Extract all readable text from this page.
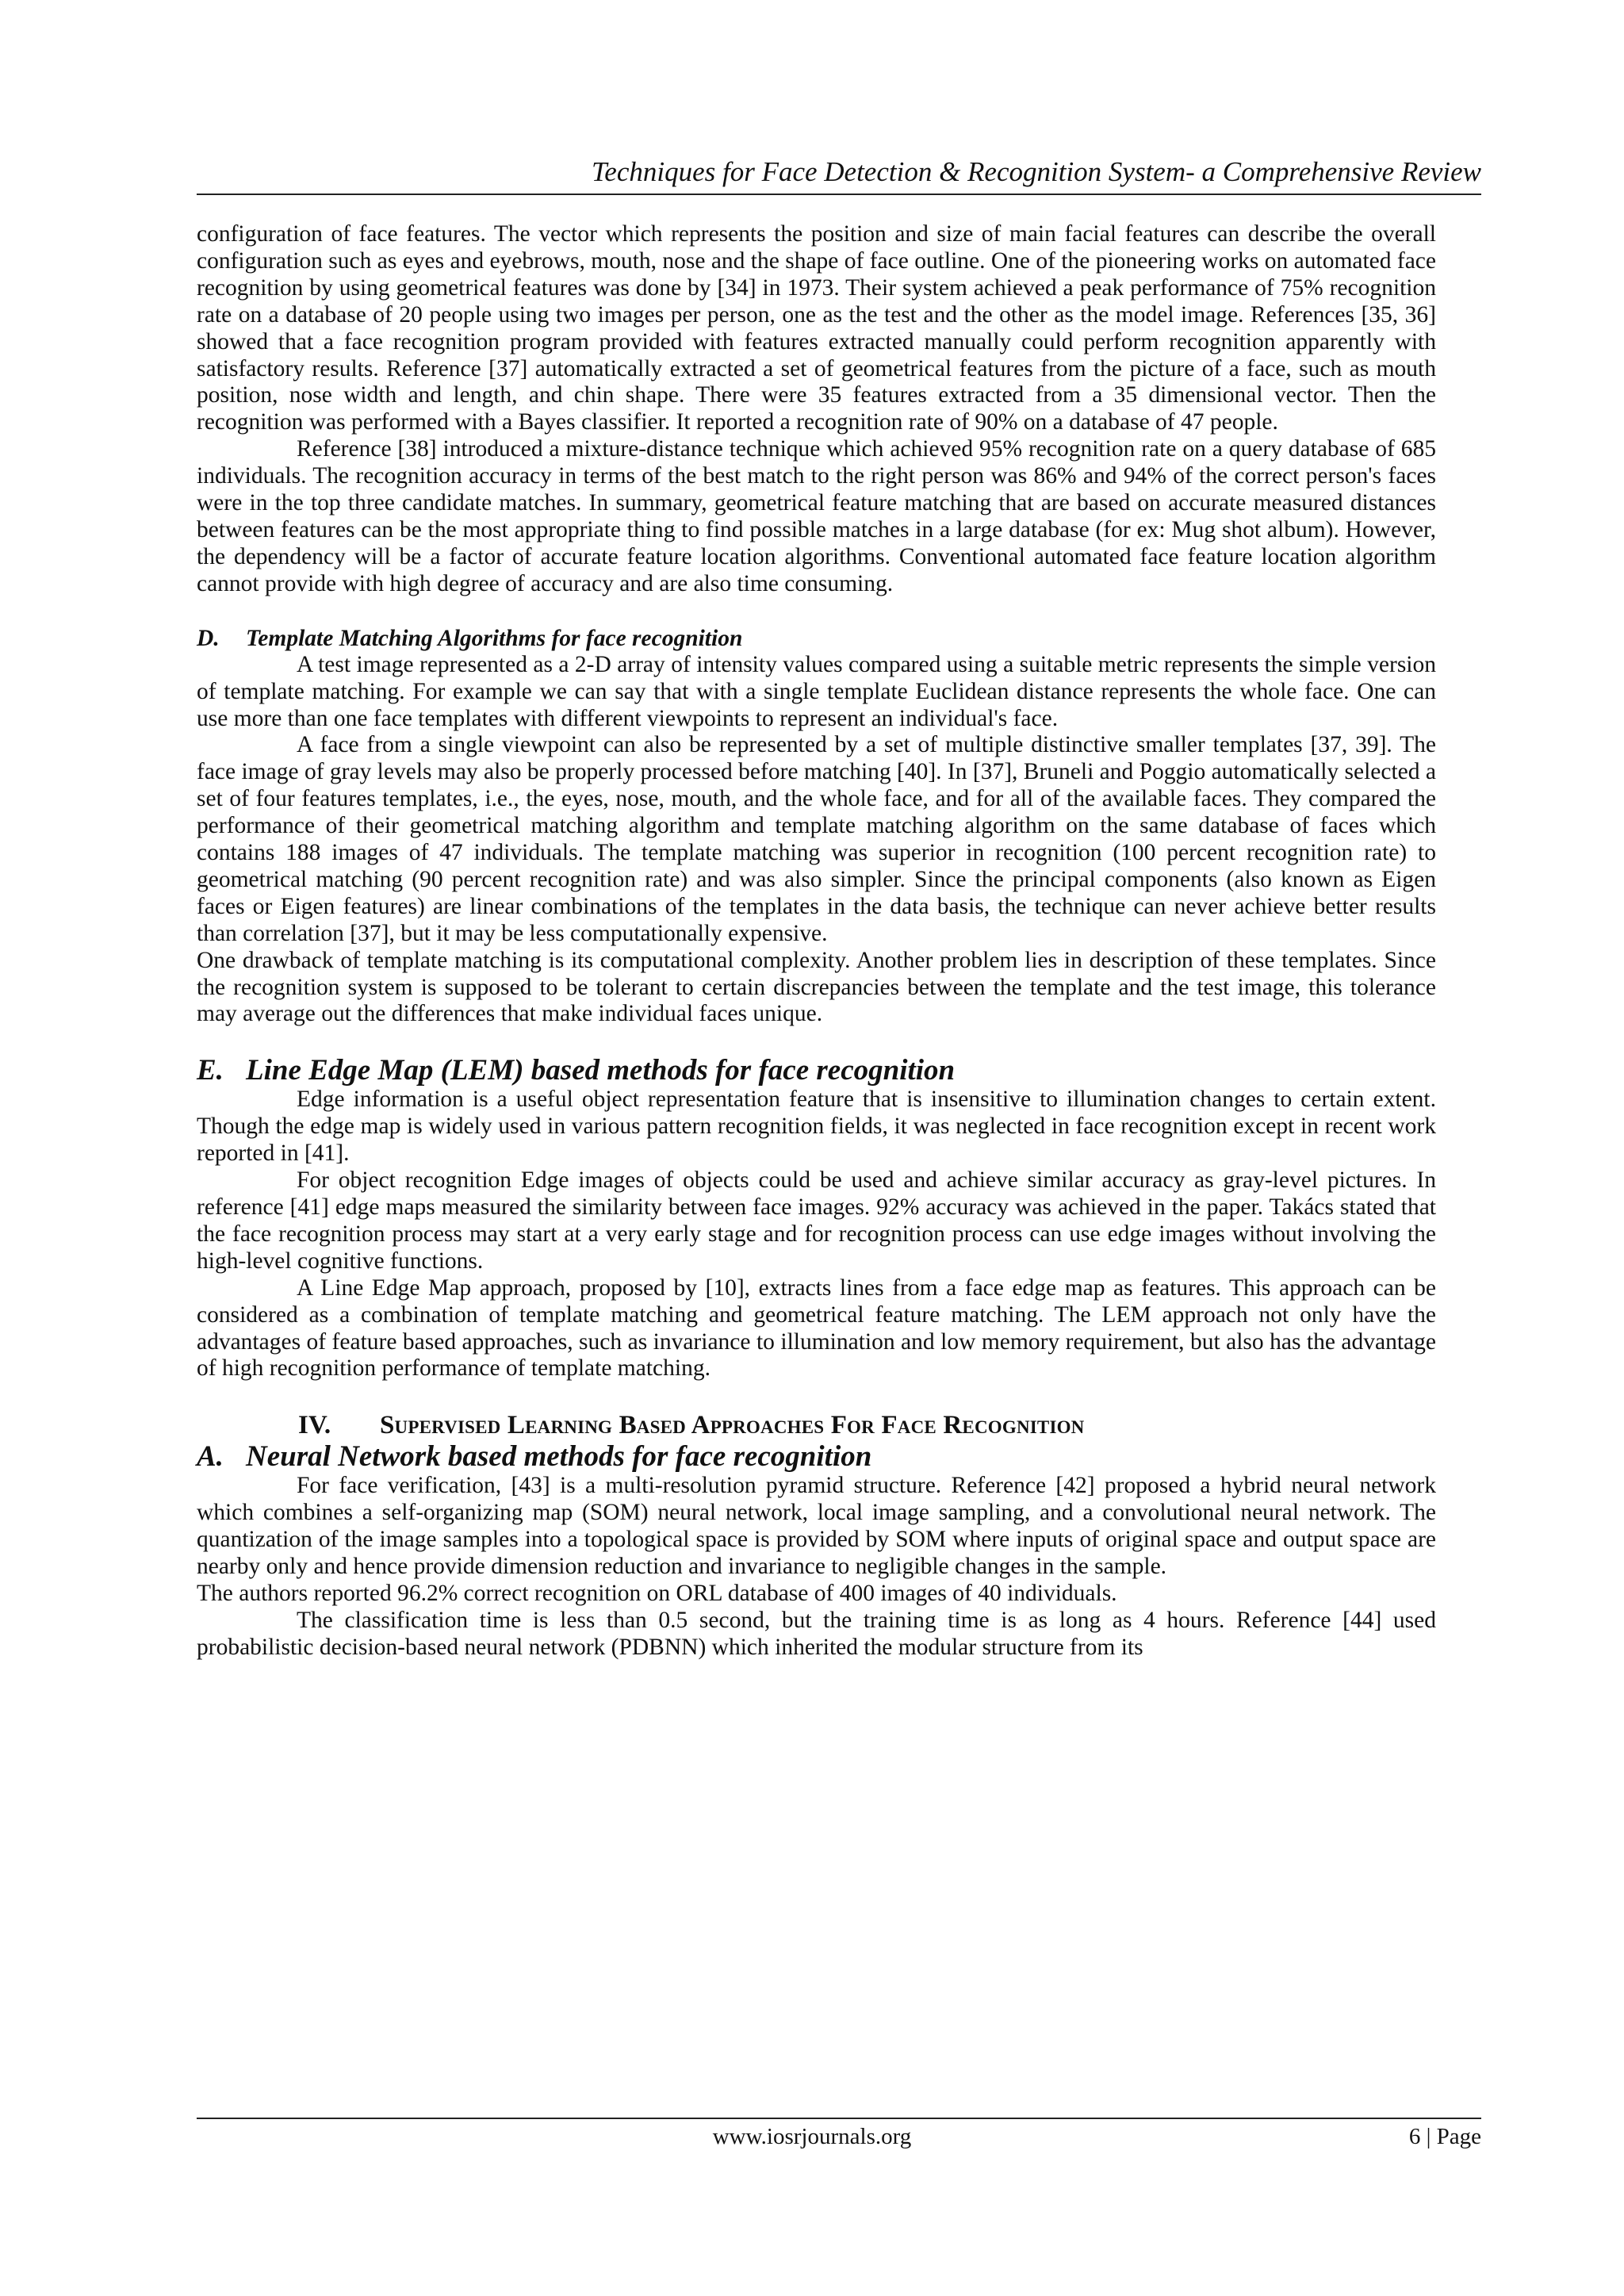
Techniques for Face Detection & Recognition System- a Comprehensive Review

configuration of face features. The vector which represents the position and size of main facial features can describe the overall configuration such as eyes and eyebrows, mouth, nose and the shape of face outline. One of the pioneering works on automated face recognition by using geometrical features was done by [34] in 1973. Their system achieved a peak performance of 75% recognition rate on a database of 20 people using two images per person, one as the test and the other as the model image. References [35, 36] showed that a face recognition program provided with features extracted manually could perform recognition apparently with satisfactory results. Reference [37] automatically extracted a set of geometrical features from the picture of a face, such as mouth position, nose width and length, and chin shape. There were 35 features extracted from a 35 dimensional vector. Then the recognition was performed with a Bayes classifier. It reported a recognition rate of 90% on a database of 47 people.

Reference [38] introduced a mixture-distance technique which achieved 95% recognition rate on a query database of 685 individuals. The recognition accuracy in terms of the best match to the right person was 86% and 94% of the correct person's faces were in the top three candidate matches. In summary, geometrical feature matching that are based on accurate measured distances between features can be the most appropriate thing to find possible matches in a large database (for ex: Mug shot album). However, the dependency will be a factor of accurate feature location algorithms. Conventional automated face feature location algorithm cannot provide with high degree of accuracy and are also time consuming.

D. Template Matching Algorithms for face recognition

A test image represented as a 2-D array of intensity values compared using a suitable metric represents the simple version of template matching. For example we can say that with a single template Euclidean distance represents the whole face. One can use more than one face templates with different viewpoints to represent an individual's face.

A face from a single viewpoint can also be represented by a set of multiple distinctive smaller templates [37, 39]. The face image of gray levels may also be properly processed before matching [40]. In [37], Bruneli and Poggio automatically selected a set of four features templates, i.e., the eyes, nose, mouth, and the whole face, and for all of the available faces. They compared the performance of their geometrical matching algorithm and template matching algorithm on the same database of faces which contains 188 images of 47 individuals. The template matching was superior in recognition (100 percent recognition rate) to geometrical matching (90 percent recognition rate) and was also simpler. Since the principal components (also known as Eigen faces or Eigen features) are linear combinations of the templates in the data basis, the technique can never achieve better results than correlation [37], but it may be less computationally expensive.

One drawback of template matching is its computational complexity. Another problem lies in description of these templates. Since the recognition system is supposed to be tolerant to certain discrepancies between the template and the test image, this tolerance may average out the differences that make individual faces unique.

E. Line Edge Map (LEM) based methods for face recognition

Edge information is a useful object representation feature that is insensitive to illumination changes to certain extent. Though the edge map is widely used in various pattern recognition fields, it was neglected in face recognition except in recent work reported in [41].

For object recognition Edge images of objects could be used and achieve similar accuracy as gray-level pictures. In reference [41] edge maps measured the similarity between face images. 92% accuracy was achieved in the paper. Takács stated that the face recognition process may start at a very early stage and for recognition process can use edge images without involving the high-level cognitive functions.

A Line Edge Map approach, proposed by [10], extracts lines from a face edge map as features. This approach can be considered as a combination of template matching and geometrical feature matching. The LEM approach not only have the advantages of feature based approaches, such as invariance to illumination and low memory requirement, but also has the advantage of high recognition performance of template matching.

IV. Supervised Learning Based Approaches For Face Recognition
A. Neural Network based methods for face recognition

For face verification, [43] is a multi-resolution pyramid structure. Reference [42] proposed a hybrid neural network which combines a self-organizing map (SOM) neural network, local image sampling, and a convolutional neural network. The quantization of the image samples into a topological space is provided by SOM where inputs of original space and output space are nearby only and hence provide dimension reduction and invariance to negligible changes in the sample.

The authors reported 96.2% correct recognition on ORL database of 400 images of 40 individuals.

The classification time is less than 0.5 second, but the training time is as long as 4 hours. Reference [44] used probabilistic decision-based neural network (PDBNN) which inherited the modular structure from its

www.iosrjournals.org	6 | Page
